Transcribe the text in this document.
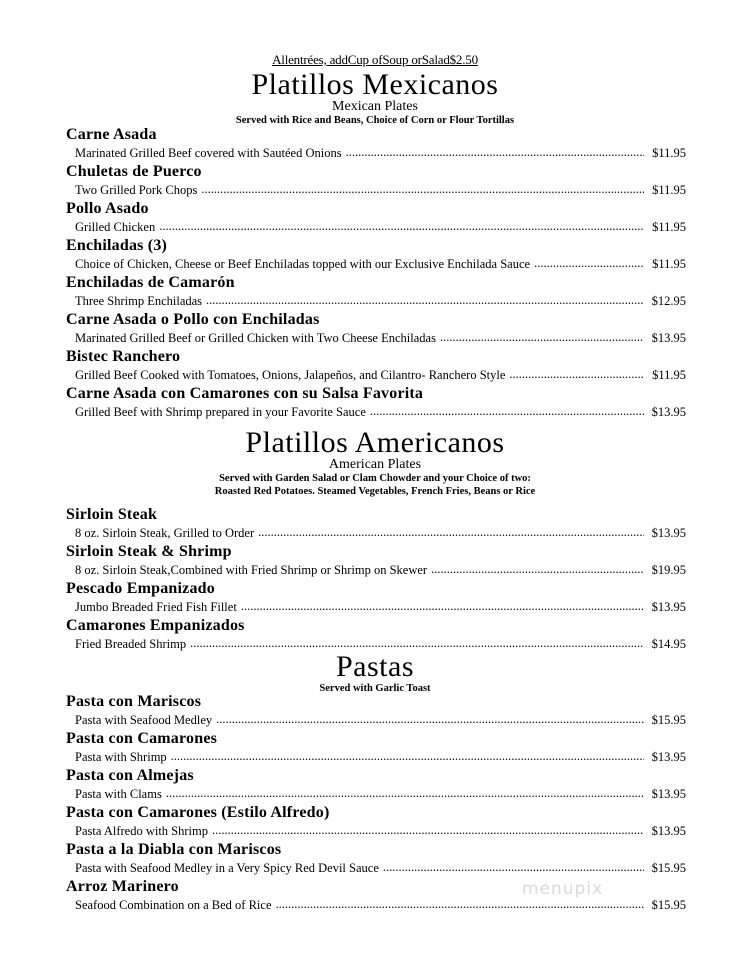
Allentrées, addCup ofSoup orSalad$2.50
Platillos Mexicanos
Mexican Plates
Served with Rice and Beans, Choice of Corn or Flour Tortillas
Carne Asada
Marinated Grilled Beef covered with Sautéed Onions .....	$11.95
Chuletas de Puerco
Two Grilled Pork Chops .....	$11.95
Pollo Asado
Grilled Chicken .....	$11.95
Enchiladas (3)
Choice of Chicken, Cheese or Beef Enchiladas topped with our Exclusive Enchilada Sauce .....	$11.95
Enchiladas de Camarón
Three Shrimp Enchiladas .....	$12.95
Carne Asada o Pollo con Enchiladas
Marinated Grilled Beef or Grilled Chicken with Two Cheese Enchiladas .....	$13.95
Bistec Ranchero
Grilled Beef Cooked with Tomatoes, Onions, Jalapeños, and Cilantro- Ranchero Style .....	$11.95
Carne Asada con Camarones con su Salsa Favorita
Grilled Beef with Shrimp prepared in your Favorite Sauce .....	$13.95
Platillos Americanos
American Plates
Served with Garden Salad or Clam Chowder and your Choice of two:
Roasted Red Potatoes. Steamed Vegetables, French Fries, Beans or Rice
Sirloin Steak
8 oz. Sirloin Steak, Grilled to Order .....	$13.95
Sirloin Steak & Shrimp
8 oz. Sirloin Steak,Combined with Fried Shrimp or Shrimp on Skewer .....	$19.95
Pescado Empanizado
Jumbo Breaded Fried Fish Fillet .....	$13.95
Camarones Empanizados
Fried Breaded Shrimp .....	$14.95
Pastas
Served with Garlic Toast
Pasta con Mariscos
Pasta with Seafood Medley .....	$15.95
Pasta con Camarones
Pasta with Shrimp .....	$13.95
Pasta con Almejas
Pasta with Clams .....	$13.95
Pasta con Camarones (Estilo Alfredo)
Pasta Alfredo with Shrimp .....	$13.95
Pasta a la Diabla con Mariscos
Pasta with Seafood Medley in a Very Spicy Red Devil Sauce .....	$15.95
Arroz Marinero
Seafood Combination on a Bed of Rice .....	$15.95
menupix
